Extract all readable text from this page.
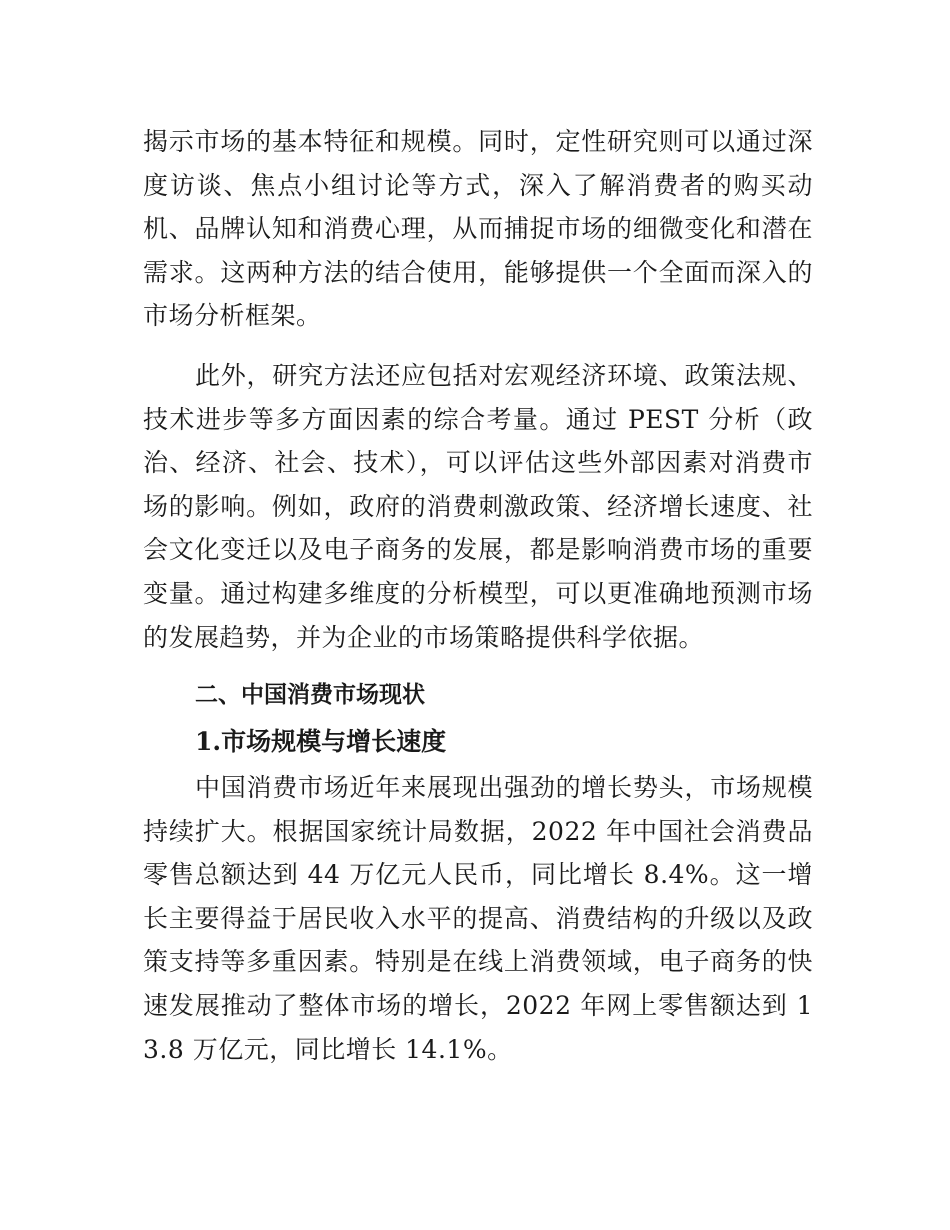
揭示市场的基本特征和规模。同时，定性研究则可以通过深度访谈、焦点小组讨论等方式，深入了解消费者的购买动机、品牌认知和消费心理，从而捕捉市场的细微变化和潜在需求。这两种方法的结合使用，能够提供一个全面而深入的市场分析框架。

此外，研究方法还应包括对宏观经济环境、政策法规、技术进步等多方面因素的综合考量。通过 PEST 分析（政治、经济、社会、技术），可以评估这些外部因素对消费市场的影响。例如，政府的消费刺激政策、经济增长速度、社会文化变迁以及电子商务的发展，都是影响消费市场的重要变量。通过构建多维度的分析模型，可以更准确地预测市场的发展趋势，并为企业的市场策略提供科学依据。

二、中国消费市场现状
1.市场规模与增长速度

中国消费市场近年来展现出强劲的增长势头，市场规模持续扩大。根据国家统计局数据，2022 年中国社会消费品零售总额达到 44 万亿元人民币，同比增长 8.4%。这一增长主要得益于居民收入水平的提高、消费结构的升级以及政策支持等多重因素。特别是在线上消费领域，电子商务的快速发展推动了整体市场的增长，2022 年网上零售额达到 13.8 万亿元，同比增长 14.1%。
